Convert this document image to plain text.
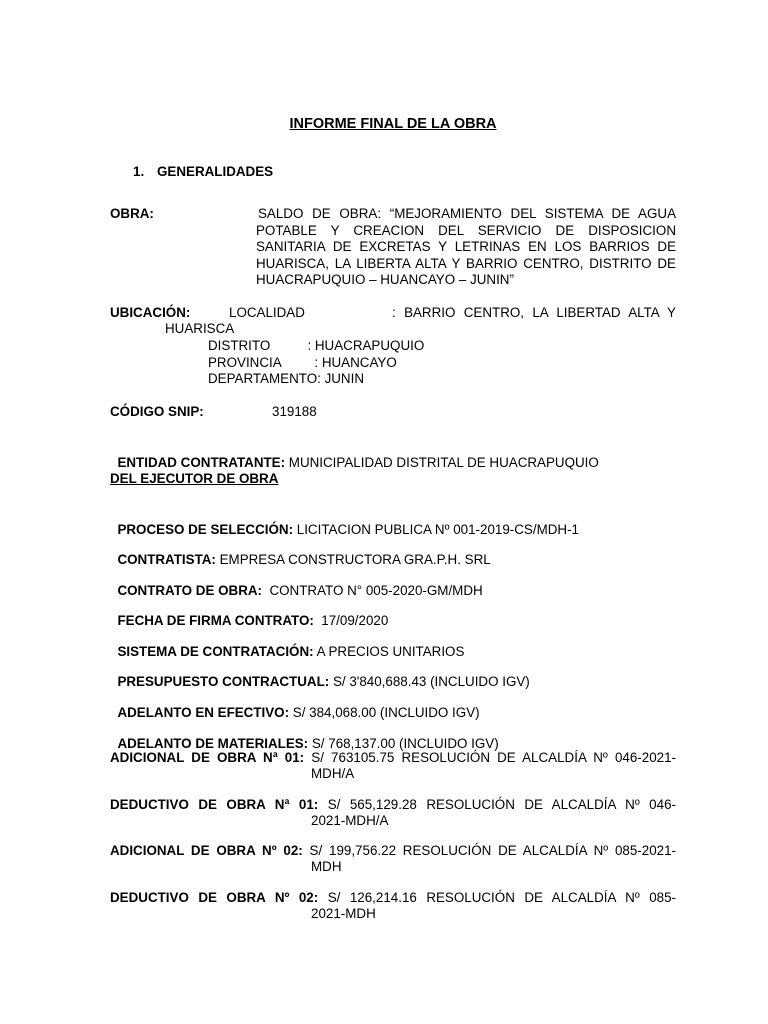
INFORME FINAL DE LA OBRA
1. GENERALIDADES
OBRA:	SALDO DE OBRA: “MEJORAMIENTO DEL SISTEMA DE AGUA
POTABLE Y CREACION DEL SERVICIO DE DISPOSICION SANITARIA DE EXCRETAS Y LETRINAS EN LOS BARRIOS DE HUARISCA, LA LIBERTA ALTA Y BARRIO CENTRO, DISTRITO DE HUACRAPUQUIO – HUANCAYO – JUNIN”
UBICACIÓN:	LOCALIDAD	: BARRIO CENTRO, LA LIBERTAD ALTA Y
HUARISCA
DISTRITO          : HUACRAPUQUIO
PROVINCIA         : HUANCAYO
DEPARTAMENTO: JUNIN
CÓDIGO SNIP:	319188

ENTIDAD CONTRATANTE: MUNICIPALIDAD DISTRITAL DE HUACRAPUQUIO

DEL EJECUTOR DE OBRA

PROCESO DE SELECCIÓN: LICITACION PUBLICA Nº 001-2019-CS/MDH-1

CONTRATISTA: EMPRESA CONSTRUCTORA GRA.P.H. SRL

CONTRATO DE OBRA:  CONTRATO N° 005-2020-GM/MDH

FECHA DE FIRMA CONTRATO:  17/09/2020

SISTEMA DE CONTRATACIÓN: A PRECIOS UNITARIOS

PRESUPUESTO CONTRACTUAL: S/ 3'840,688.43 (INCLUIDO IGV)

ADELANTO EN EFECTIVO: S/ 384,068.00 (INCLUIDO IGV)

ADELANTO DE MATERIALES: S/ 768,137.00 (INCLUIDO IGV)

ADICIONAL DE OBRA Nª 01: S/ 763105.75 RESOLUCIÓN DE ALCALDÍA Nº 046-2021-
MDH/A
DEDUCTIVO DE OBRA Nª 01: S/ 565,129.28 RESOLUCIÓN DE ALCALDÍA Nº 046-
2021-MDH/A
ADICIONAL DE OBRA Nº 02: S/ 199,756.22 RESOLUCIÓN DE ALCALDÍA Nº 085-2021-
MDH
DEDUCTIVO DE OBRA Nº 02: S/ 126,214.16 RESOLUCIÓN DE ALCALDÍA Nº 085-
2021-MDH
